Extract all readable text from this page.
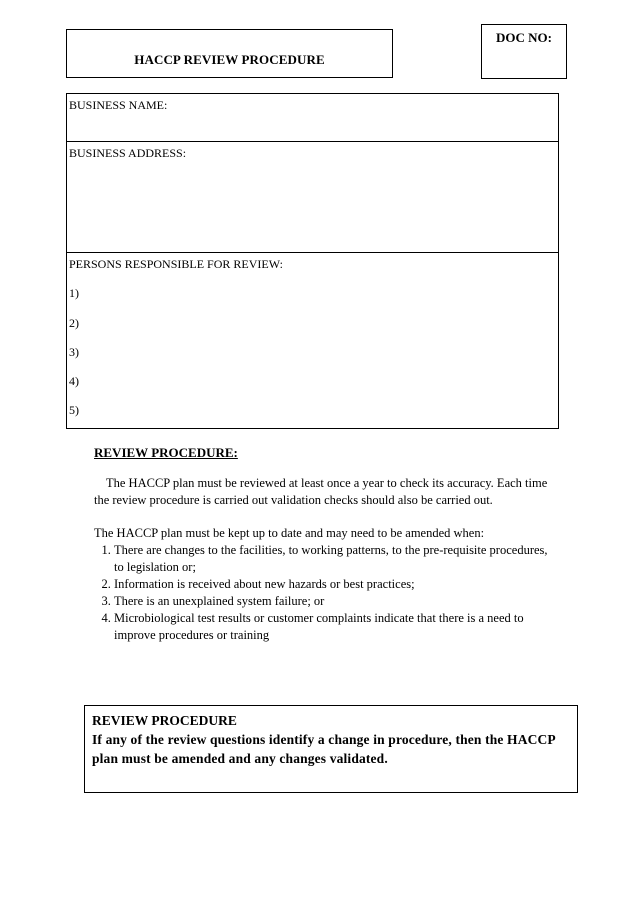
HACCP REVIEW PROCEDURE
DOC NO:
BUSINESS NAME:
BUSINESS ADDRESS:
PERSONS RESPONSIBLE FOR REVIEW:
1)
2)
3)
4)
5)
REVIEW PROCEDURE:
The HACCP plan must be reviewed at least once a year to check its accuracy. Each time the review procedure is carried out validation checks should also be carried out.
The HACCP plan must be kept up to date and may need to be amended when:
1. There are changes to the facilities, to working patterns, to the pre-requisite procedures, to legislation or;
2. Information is received about new hazards or best practices;
3. There is an unexplained system failure; or
4. Microbiological test results or customer complaints indicate that there is a need to improve procedures or training
REVIEW PROCEDURE
If any of the review questions identify a change in procedure, then the HACCP plan must be amended and any changes validated.
